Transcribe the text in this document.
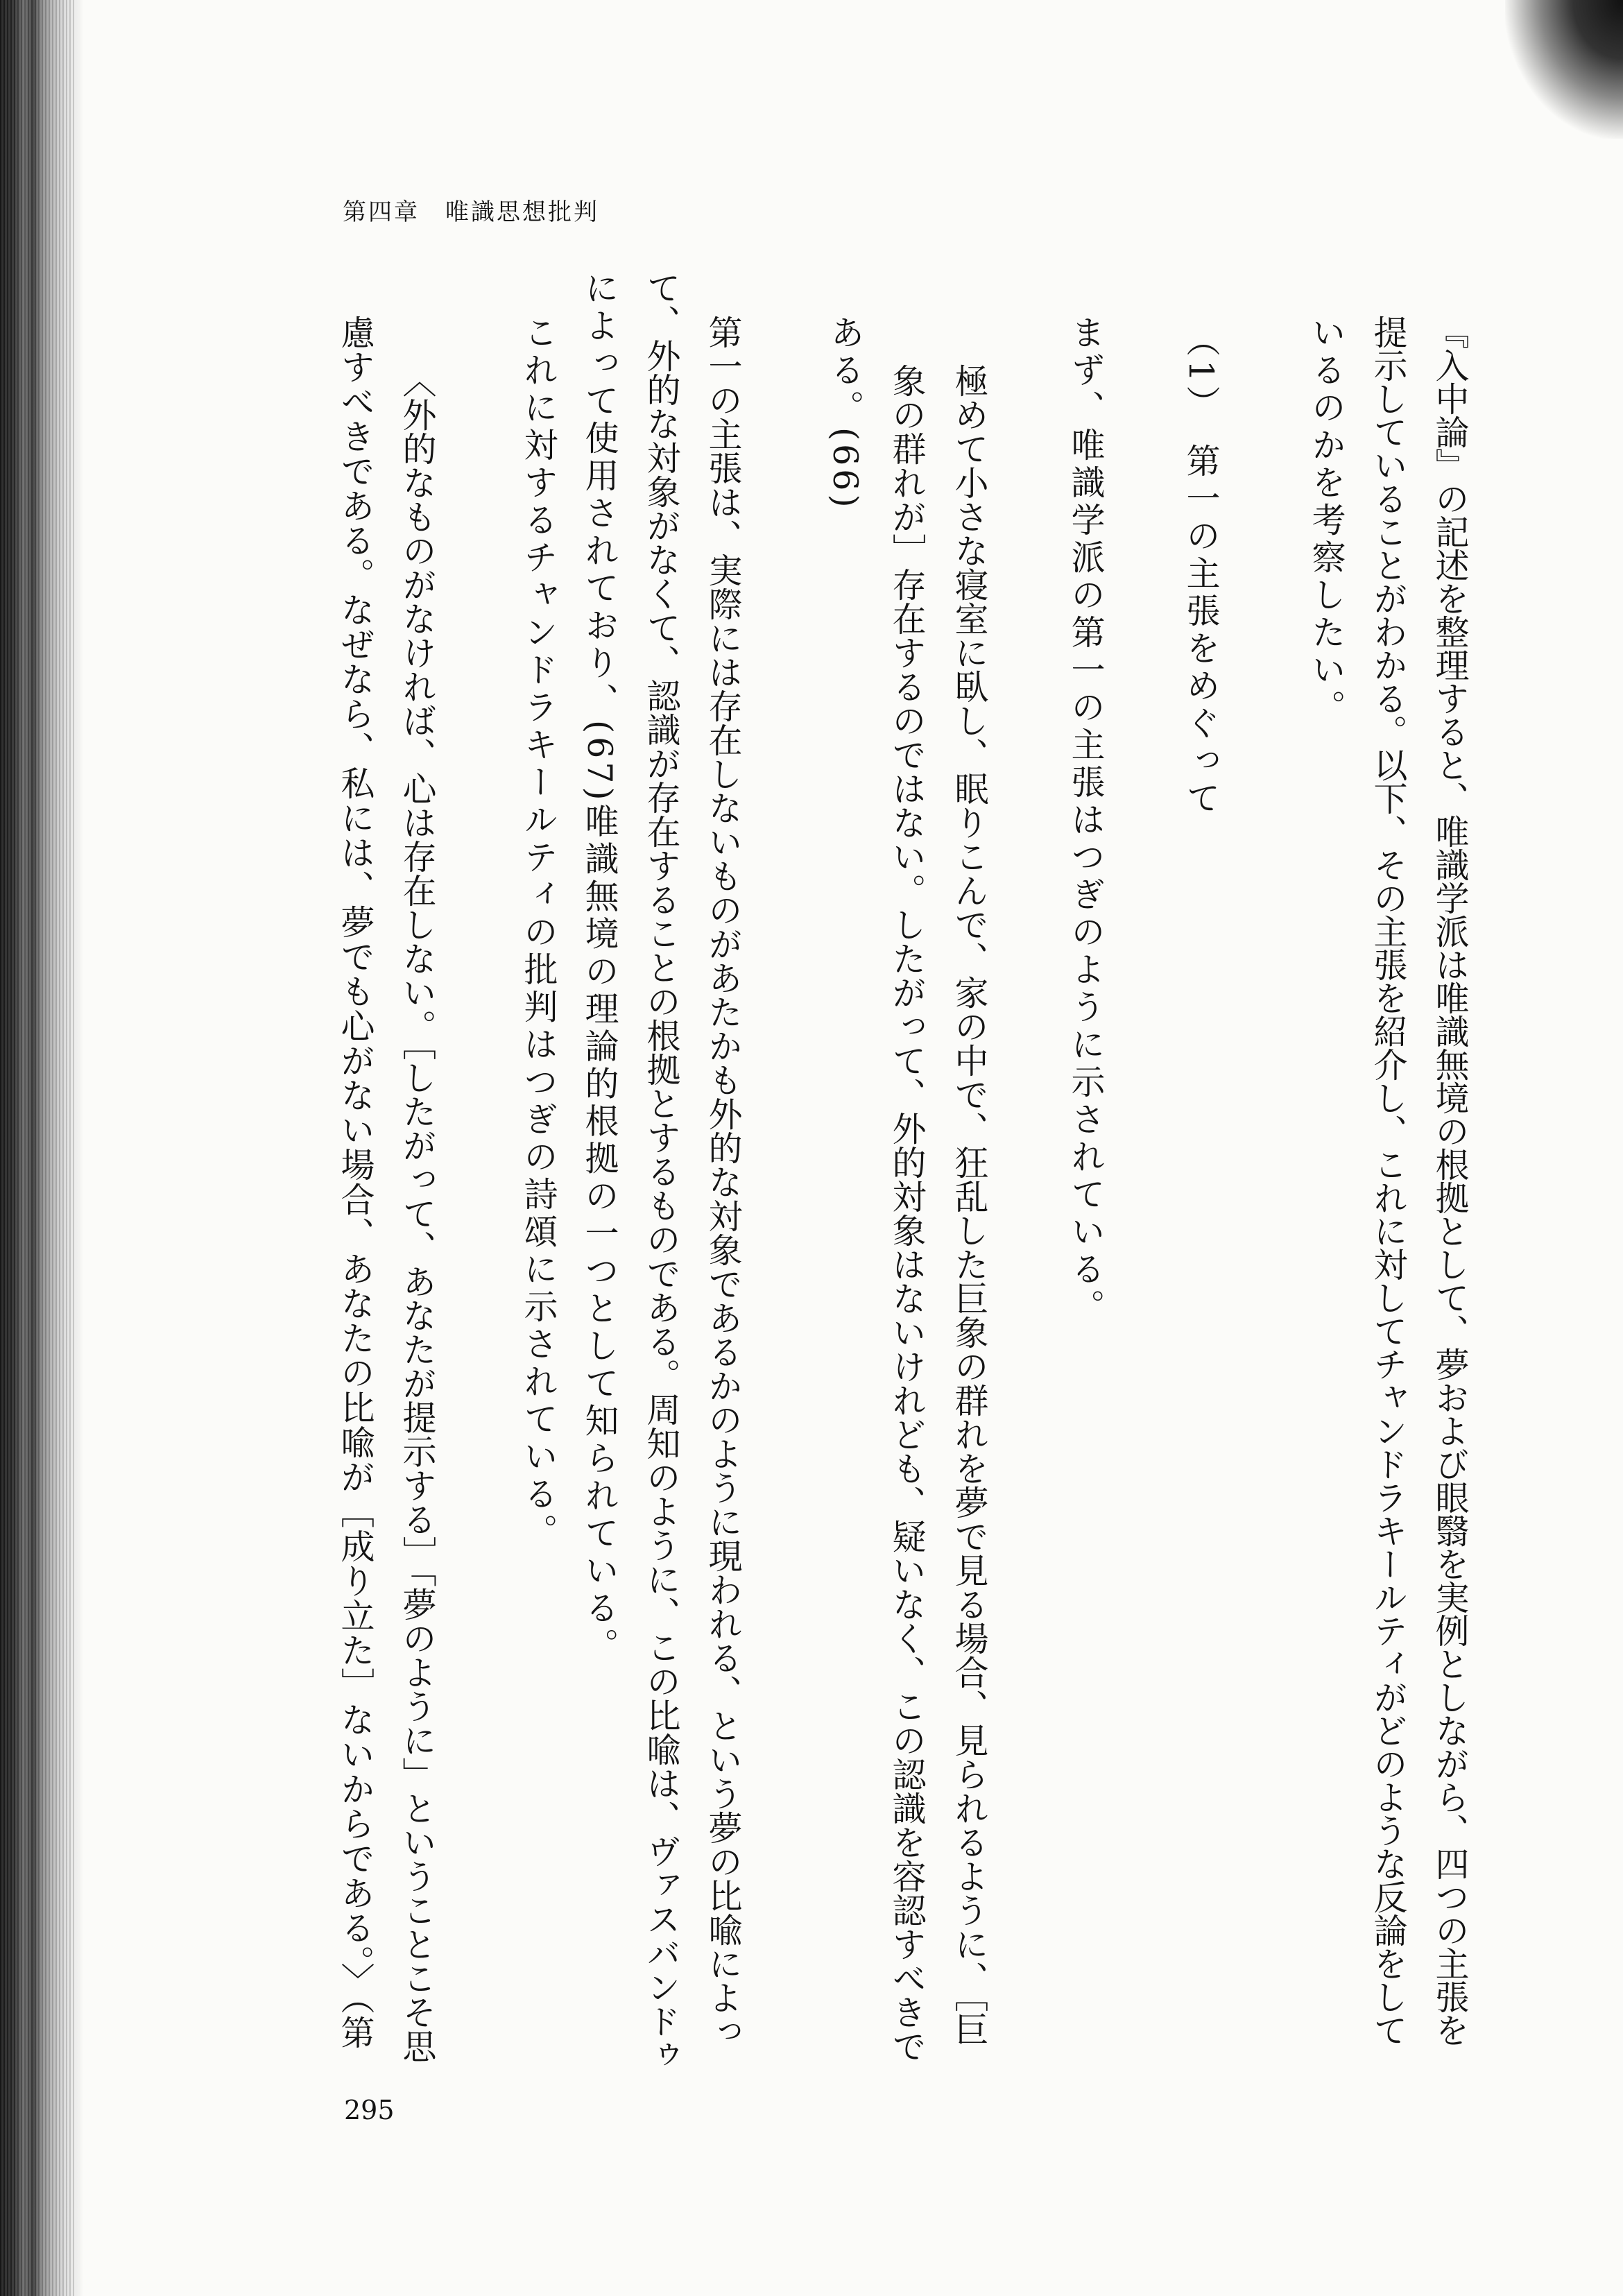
第四章　唯識思想批判
『入中論』の記述を整理すると、唯識学派は唯識無境の根拠として、夢および眼翳を実例としながら、四つの主張を
提示していることがわかる。以下、その主張を紹介し、これに対してチャンドラキールティがどのような反論をして
いるのかを考察したい。
（1）　第一の主張をめぐって
まず、唯識学派の第一の主張はつぎのように示されている。
極めて小さな寝室に臥し、眠りこんで、家の中で、狂乱した巨象の群れを夢で見る場合、見られるように、［巨
象の群れが］存在するのではない。したがって、外的対象はないけれども、疑いなく、この認識を容認すべきで
ある。(66)
第一の主張は、実際には存在しないものがあたかも外的な対象であるかのように現われる、という夢の比喩によっ
て、外的な対象がなくて、認識が存在することの根拠とするものである。周知のように、この比喩は、ヴァスバンドゥ
によって使用されており、(67)唯識無境の理論的根拠の一つとして知られている。
これに対するチャンドラキールティの批判はつぎの詩頌に示されている。
〈外的なものがなければ、心は存在しない。［したがって、あなたが提示する］「夢のように」ということこそ思
慮すべきである。なぜなら、私には、夢でも心がない場合、あなたの比喩が［成り立た］ないからである。〉（第
295
